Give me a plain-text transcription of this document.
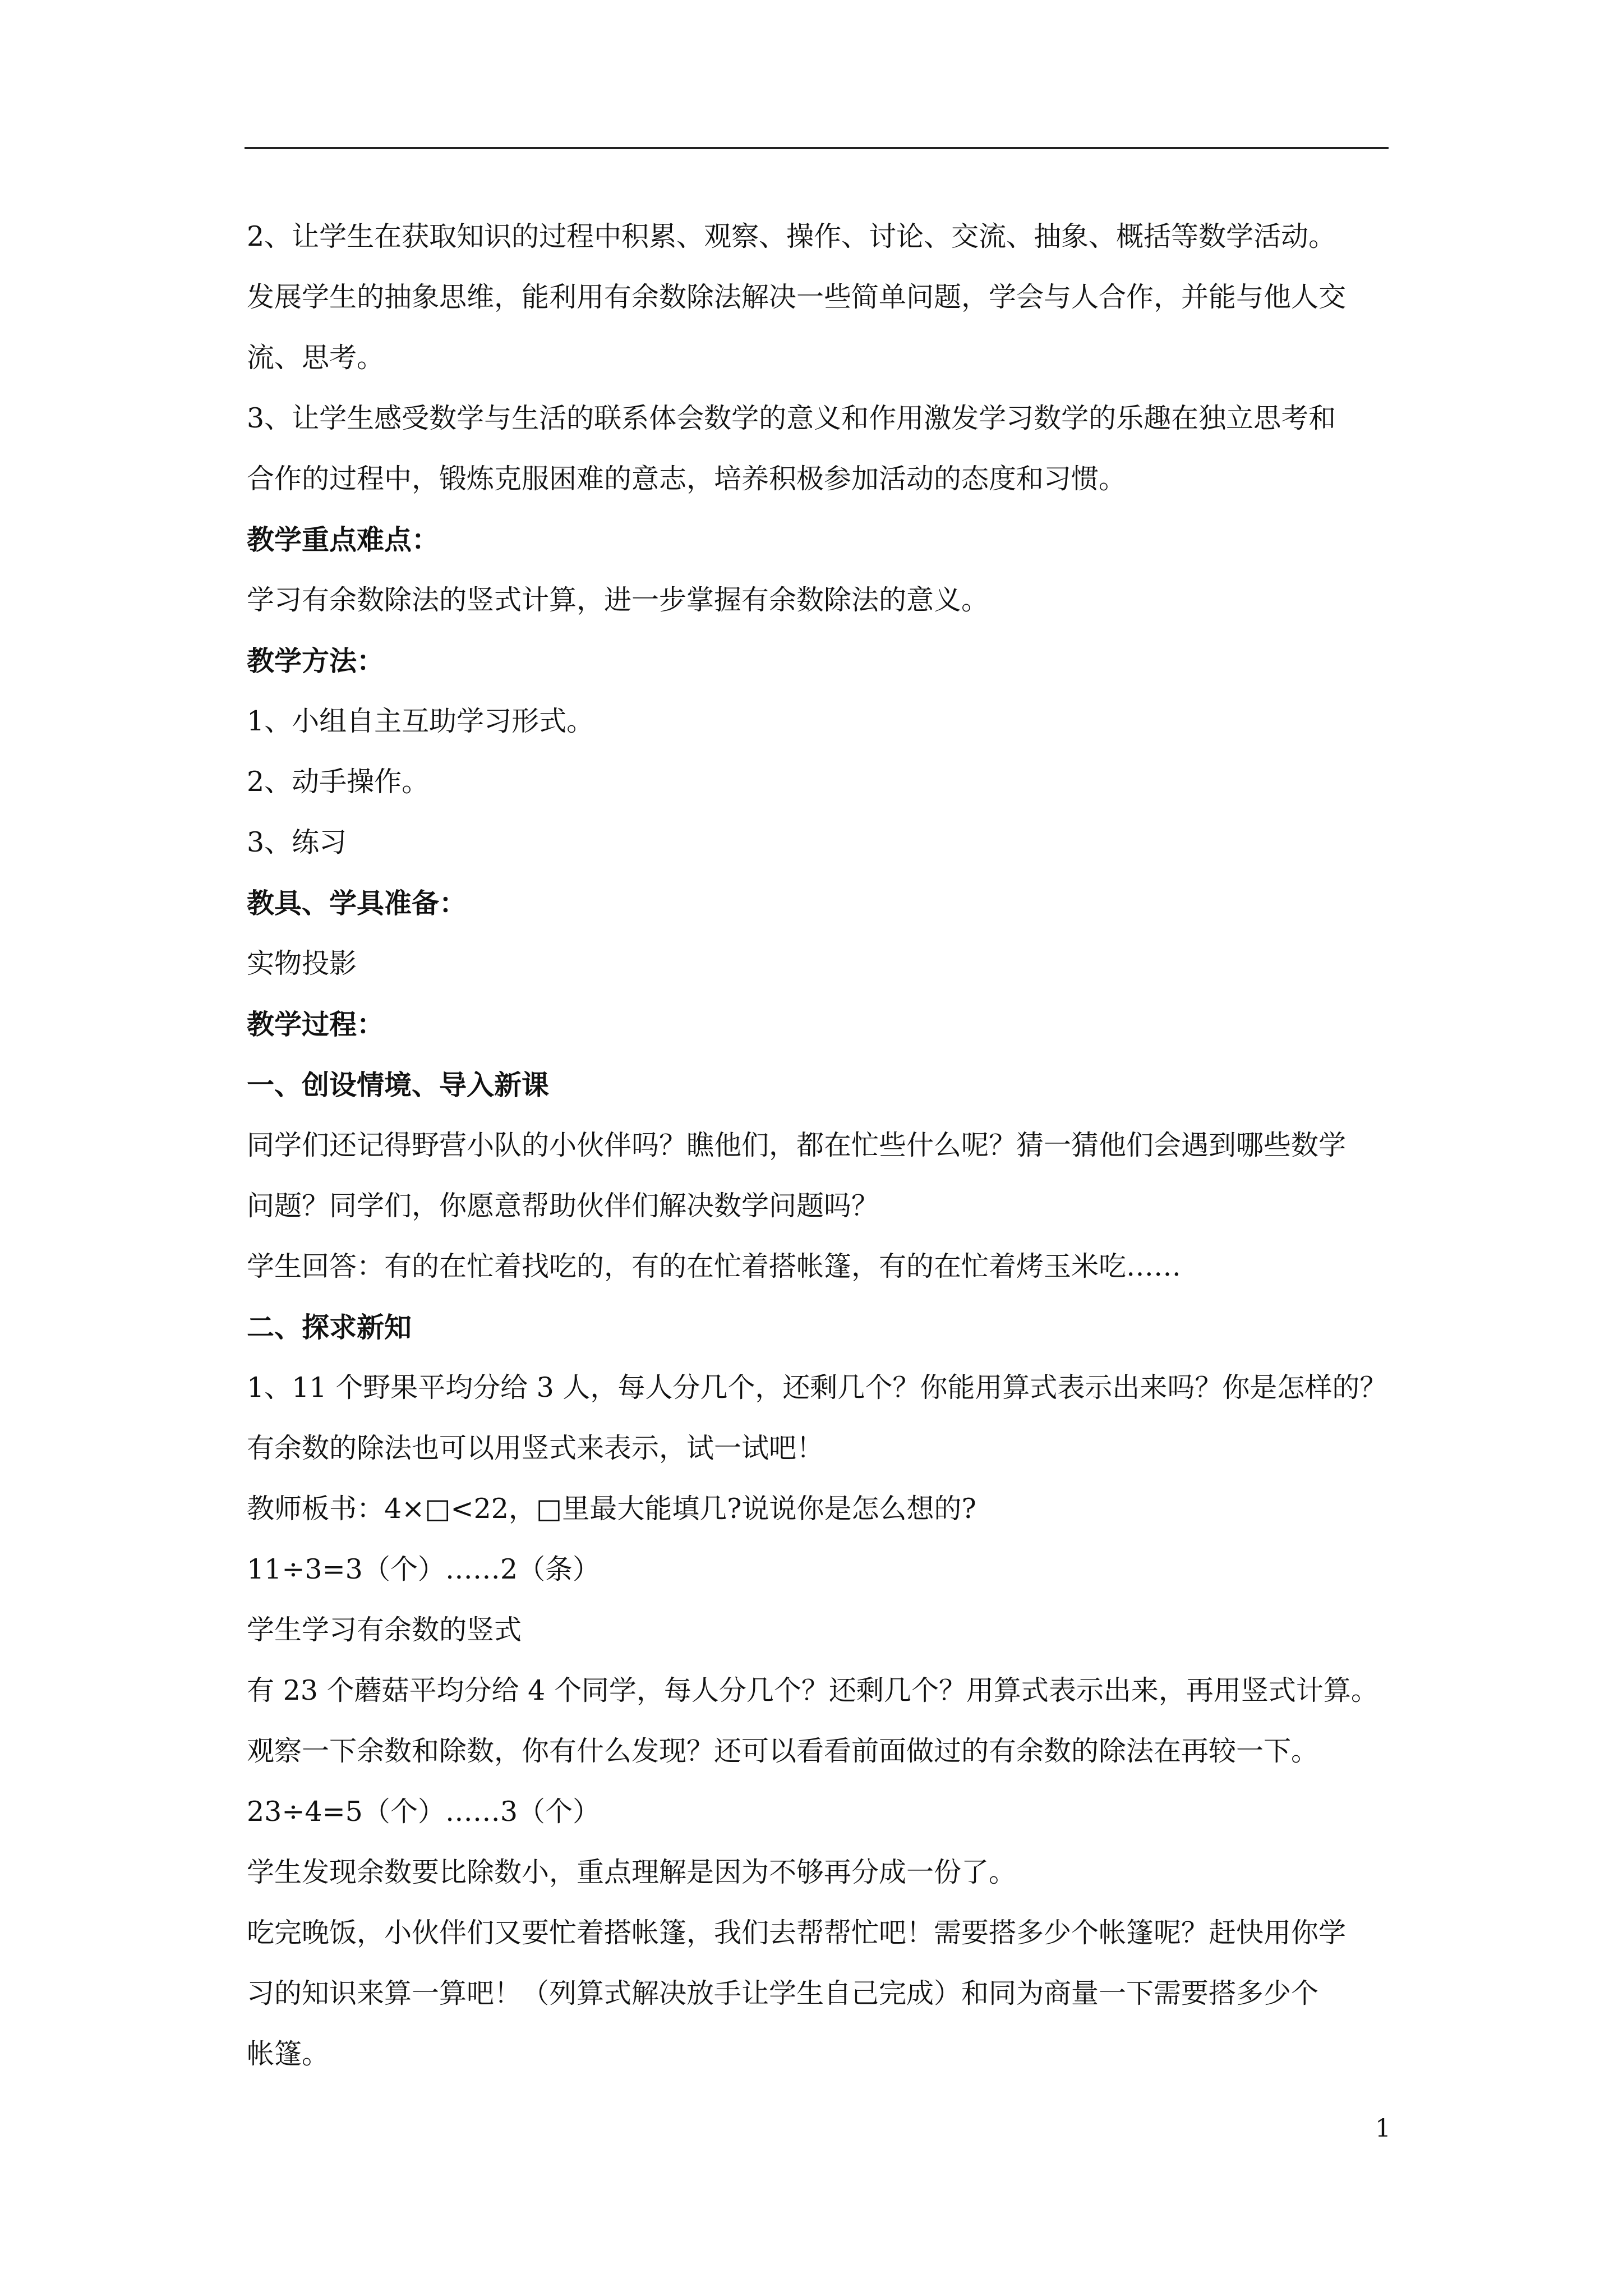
2、让学生在获取知识的过程中积累、观察、操作、讨论、交流、抽象、概括等数学活动。
发展学生的抽象思维，能利用有余数除法解决一些简单问题，学会与人合作，并能与他人交
流、思考。
3、让学生感受数学与生活的联系体会数学的意义和作用激发学习数学的乐趣在独立思考和
合作的过程中，锻炼克服困难的意志，培养积极参加活动的态度和习惯。
教学重点难点：
学习有余数除法的竖式计算，进一步掌握有余数除法的意义。
教学方法：
1、小组自主互助学习形式。
2、动手操作。
3、练习
教具、学具准备：
实物投影
教学过程：
一、创设情境、导入新课
同学们还记得野营小队的小伙伴吗？瞧他们，都在忙些什么呢？猜一猜他们会遇到哪些数学
问题？同学们，你愿意帮助伙伴们解决数学问题吗？
学生回答：有的在忙着找吃的，有的在忙着搭帐篷，有的在忙着烤玉米吃……
二、探求新知
1、11 个野果平均分给 3 人，每人分几个，还剩几个？你能用算式表示出来吗？你是怎样的？
有余数的除法也可以用竖式来表示，试一试吧！
教师板书：4×□<22，□里最大能填几?说说你是怎么想的?
11÷3=3（个）……2（条）
学生学习有余数的竖式
有 23 个蘑菇平均分给 4 个同学，每人分几个？还剩几个？用算式表示出来，再用竖式计算。
观察一下余数和除数，你有什么发现？还可以看看前面做过的有余数的除法在再较一下。
23÷4=5（个）……3（个）
学生发现余数要比除数小，重点理解是因为不够再分成一份了。
吃完晚饭，小伙伴们又要忙着搭帐篷，我们去帮帮忙吧！需要搭多少个帐篷呢？赶快用你学
习的知识来算一算吧！（列算式解决放手让学生自己完成）和同为商量一下需要搭多少个
帐篷。
1
